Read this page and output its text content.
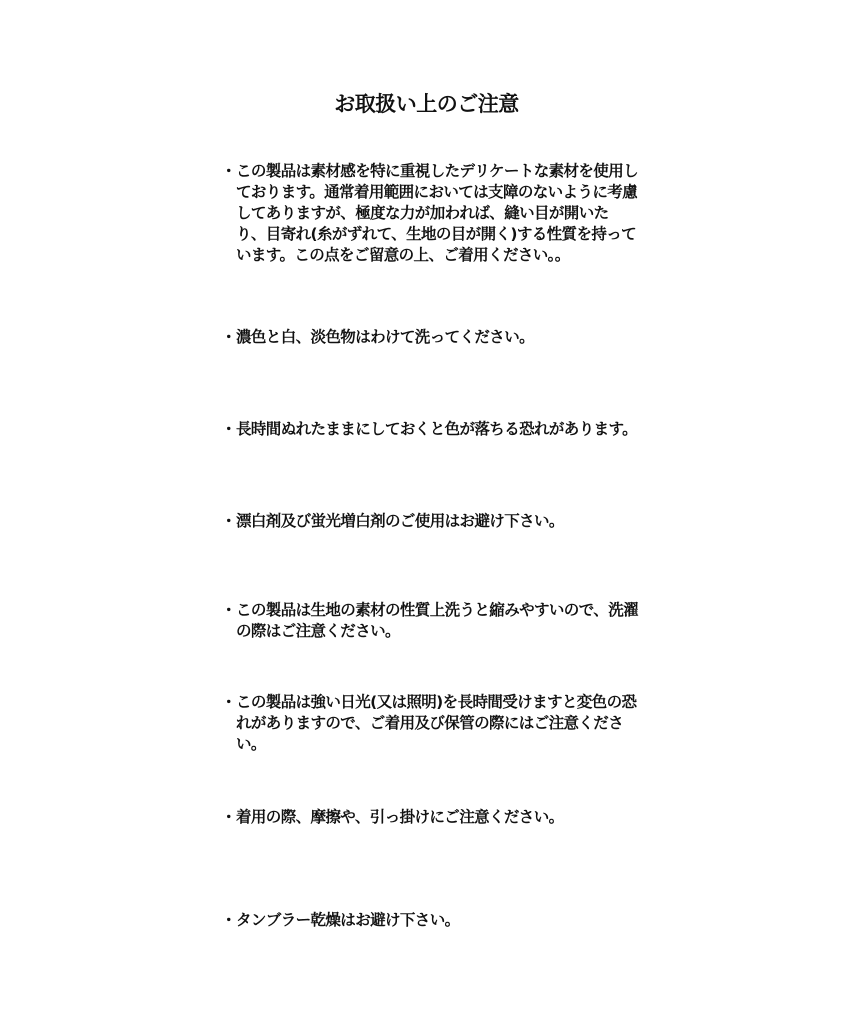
お取扱い上のご注意
・ この製品は素材感を特に重視したデリケートな素材を使用しております。通常着用範囲においては支障のないように考慮してありますが、極度な力が加われば、縫い目が開いたり、目寄れ(糸がずれて、生地の目が開く)する性質を持っています。この点をご留意の上、ご着用ください。。
・ 濃色と白、淡色物はわけて洗ってください。
・ 長時間ぬれたままにしておくと色が落ちる恐れがあります。
・ 漂白剤及び蛍光増白剤のご使用はお避け下さい。
・ この製品は生地の素材の性質上洗うと縮みやすいので、洗濯の際はご注意ください。
・ この製品は強い日光(又は照明)を長時間受けますと変色の恐れがありますので、ご着用及び保管の際にはご注意ください。
・ 着用の際、摩擦や、引っ掛けにご注意ください。
・ タンブラー乾燥はお避け下さい。
